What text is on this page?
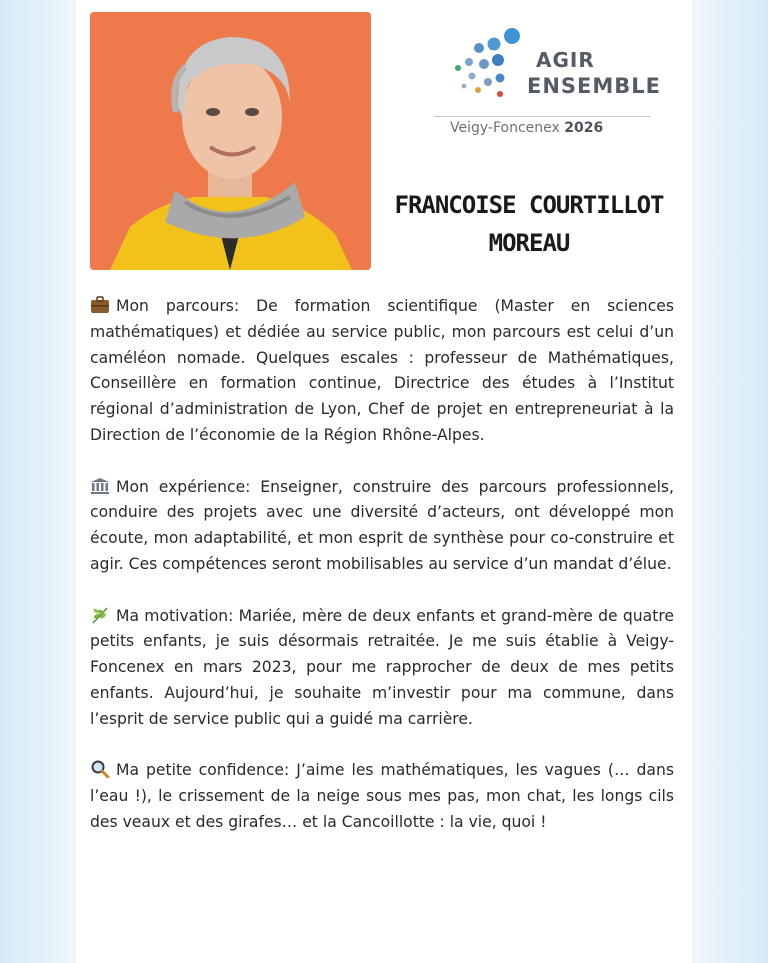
AGIR
ENSEMBLE
Veigy-Foncenex 2026
FRANCOISE COURTILLOT
MOREAU

Mon parcours: De formation scientifique (Master en sciences mathématiques) et dédiée au service public, mon parcours est celui d’un caméléon nomade. Quelques escales : professeur de Mathématiques, Conseillère en formation continue, Directrice des études à l’Institut régional d’administration de Lyon, Chef de projet en entrepreneuriat à la Direction de l’économie de la Région Rhône-Alpes.

Mon expérience: Enseigner, construire des parcours professionnels, conduire des projets avec une diversité d’acteurs, ont développé mon écoute, mon adaptabilité, et mon esprit de synthèse pour co-construire et agir. Ces compétences seront mobilisables au service d’un mandat d’élue.

Ma motivation: Mariée, mère de deux enfants et grand-mère de quatre petits enfants, je suis désormais retraitée. Je me suis établie à Veigy-Foncenex en mars 2023, pour me rapprocher de deux de mes petits enfants. Aujourd’hui, je souhaite m’investir pour ma commune, dans l’esprit de service public qui a guidé ma carrière.

Ma petite confidence: J’aime les mathématiques, les vagues (… dans l’eau !), le crissement de la neige sous mes pas, mon chat, les longs cils des veaux et des girafes… et la Cancoillotte : la vie, quoi !
